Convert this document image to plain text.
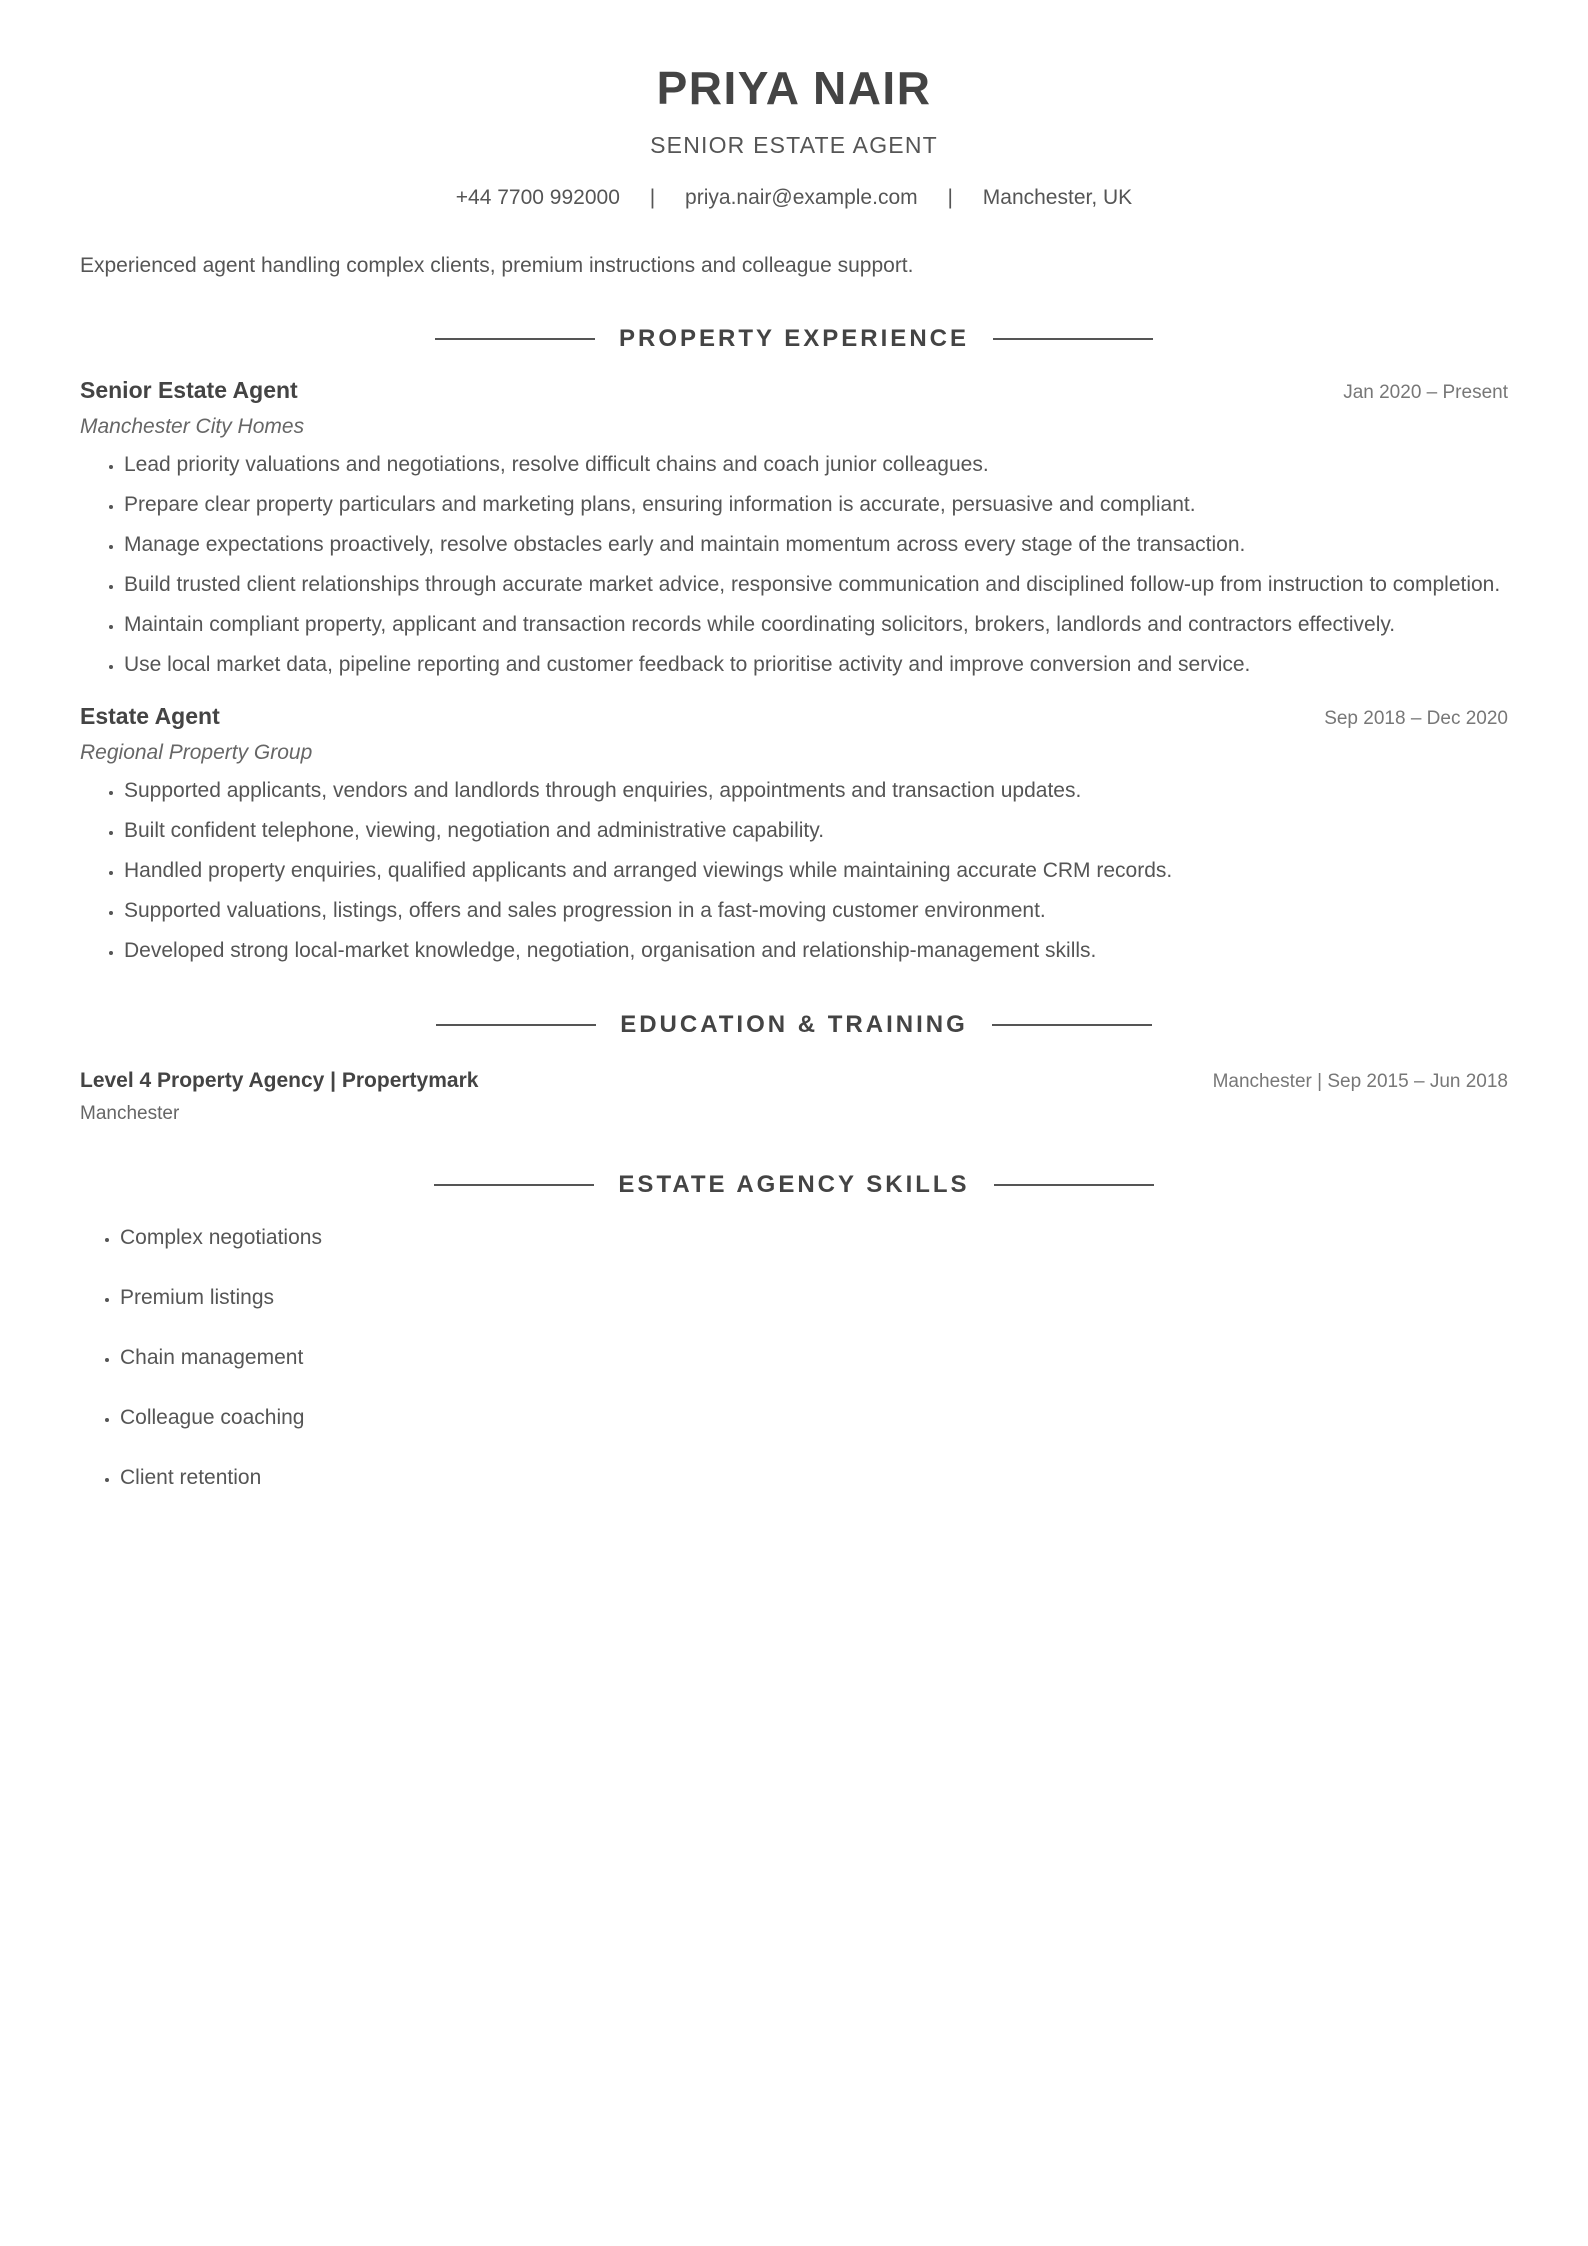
PRIYA NAIR
SENIOR ESTATE AGENT
+44 7700 992000 | priya.nair@example.com | Manchester, UK
Experienced agent handling complex clients, premium instructions and colleague support.
PROPERTY EXPERIENCE
Senior Estate Agent	Jan 2020 – Present
Manchester City Homes
• Lead priority valuations and negotiations, resolve difficult chains and coach junior colleagues.
• Prepare clear property particulars and marketing plans, ensuring information is accurate, persuasive and compliant.
• Manage expectations proactively, resolve obstacles early and maintain momentum across every stage of the transaction.
• Build trusted client relationships through accurate market advice, responsive communication and disciplined follow-up from instruction to completion.
• Maintain compliant property, applicant and transaction records while coordinating solicitors, brokers, landlords and contractors effectively.
• Use local market data, pipeline reporting and customer feedback to prioritise activity and improve conversion and service.
Estate Agent	Sep 2018 – Dec 2020
Regional Property Group
• Supported applicants, vendors and landlords through enquiries, appointments and transaction updates.
• Built confident telephone, viewing, negotiation and administrative capability.
• Handled property enquiries, qualified applicants and arranged viewings while maintaining accurate CRM records.
• Supported valuations, listings, offers and sales progression in a fast-moving customer environment.
• Developed strong local-market knowledge, negotiation, organisation and relationship-management skills.
EDUCATION & TRAINING
Level 4 Property Agency | Propertymark	Manchester | Sep 2015 – Jun 2018
Manchester
ESTATE AGENCY SKILLS
• Complex negotiations
• Premium listings
• Chain management
• Colleague coaching
• Client retention
